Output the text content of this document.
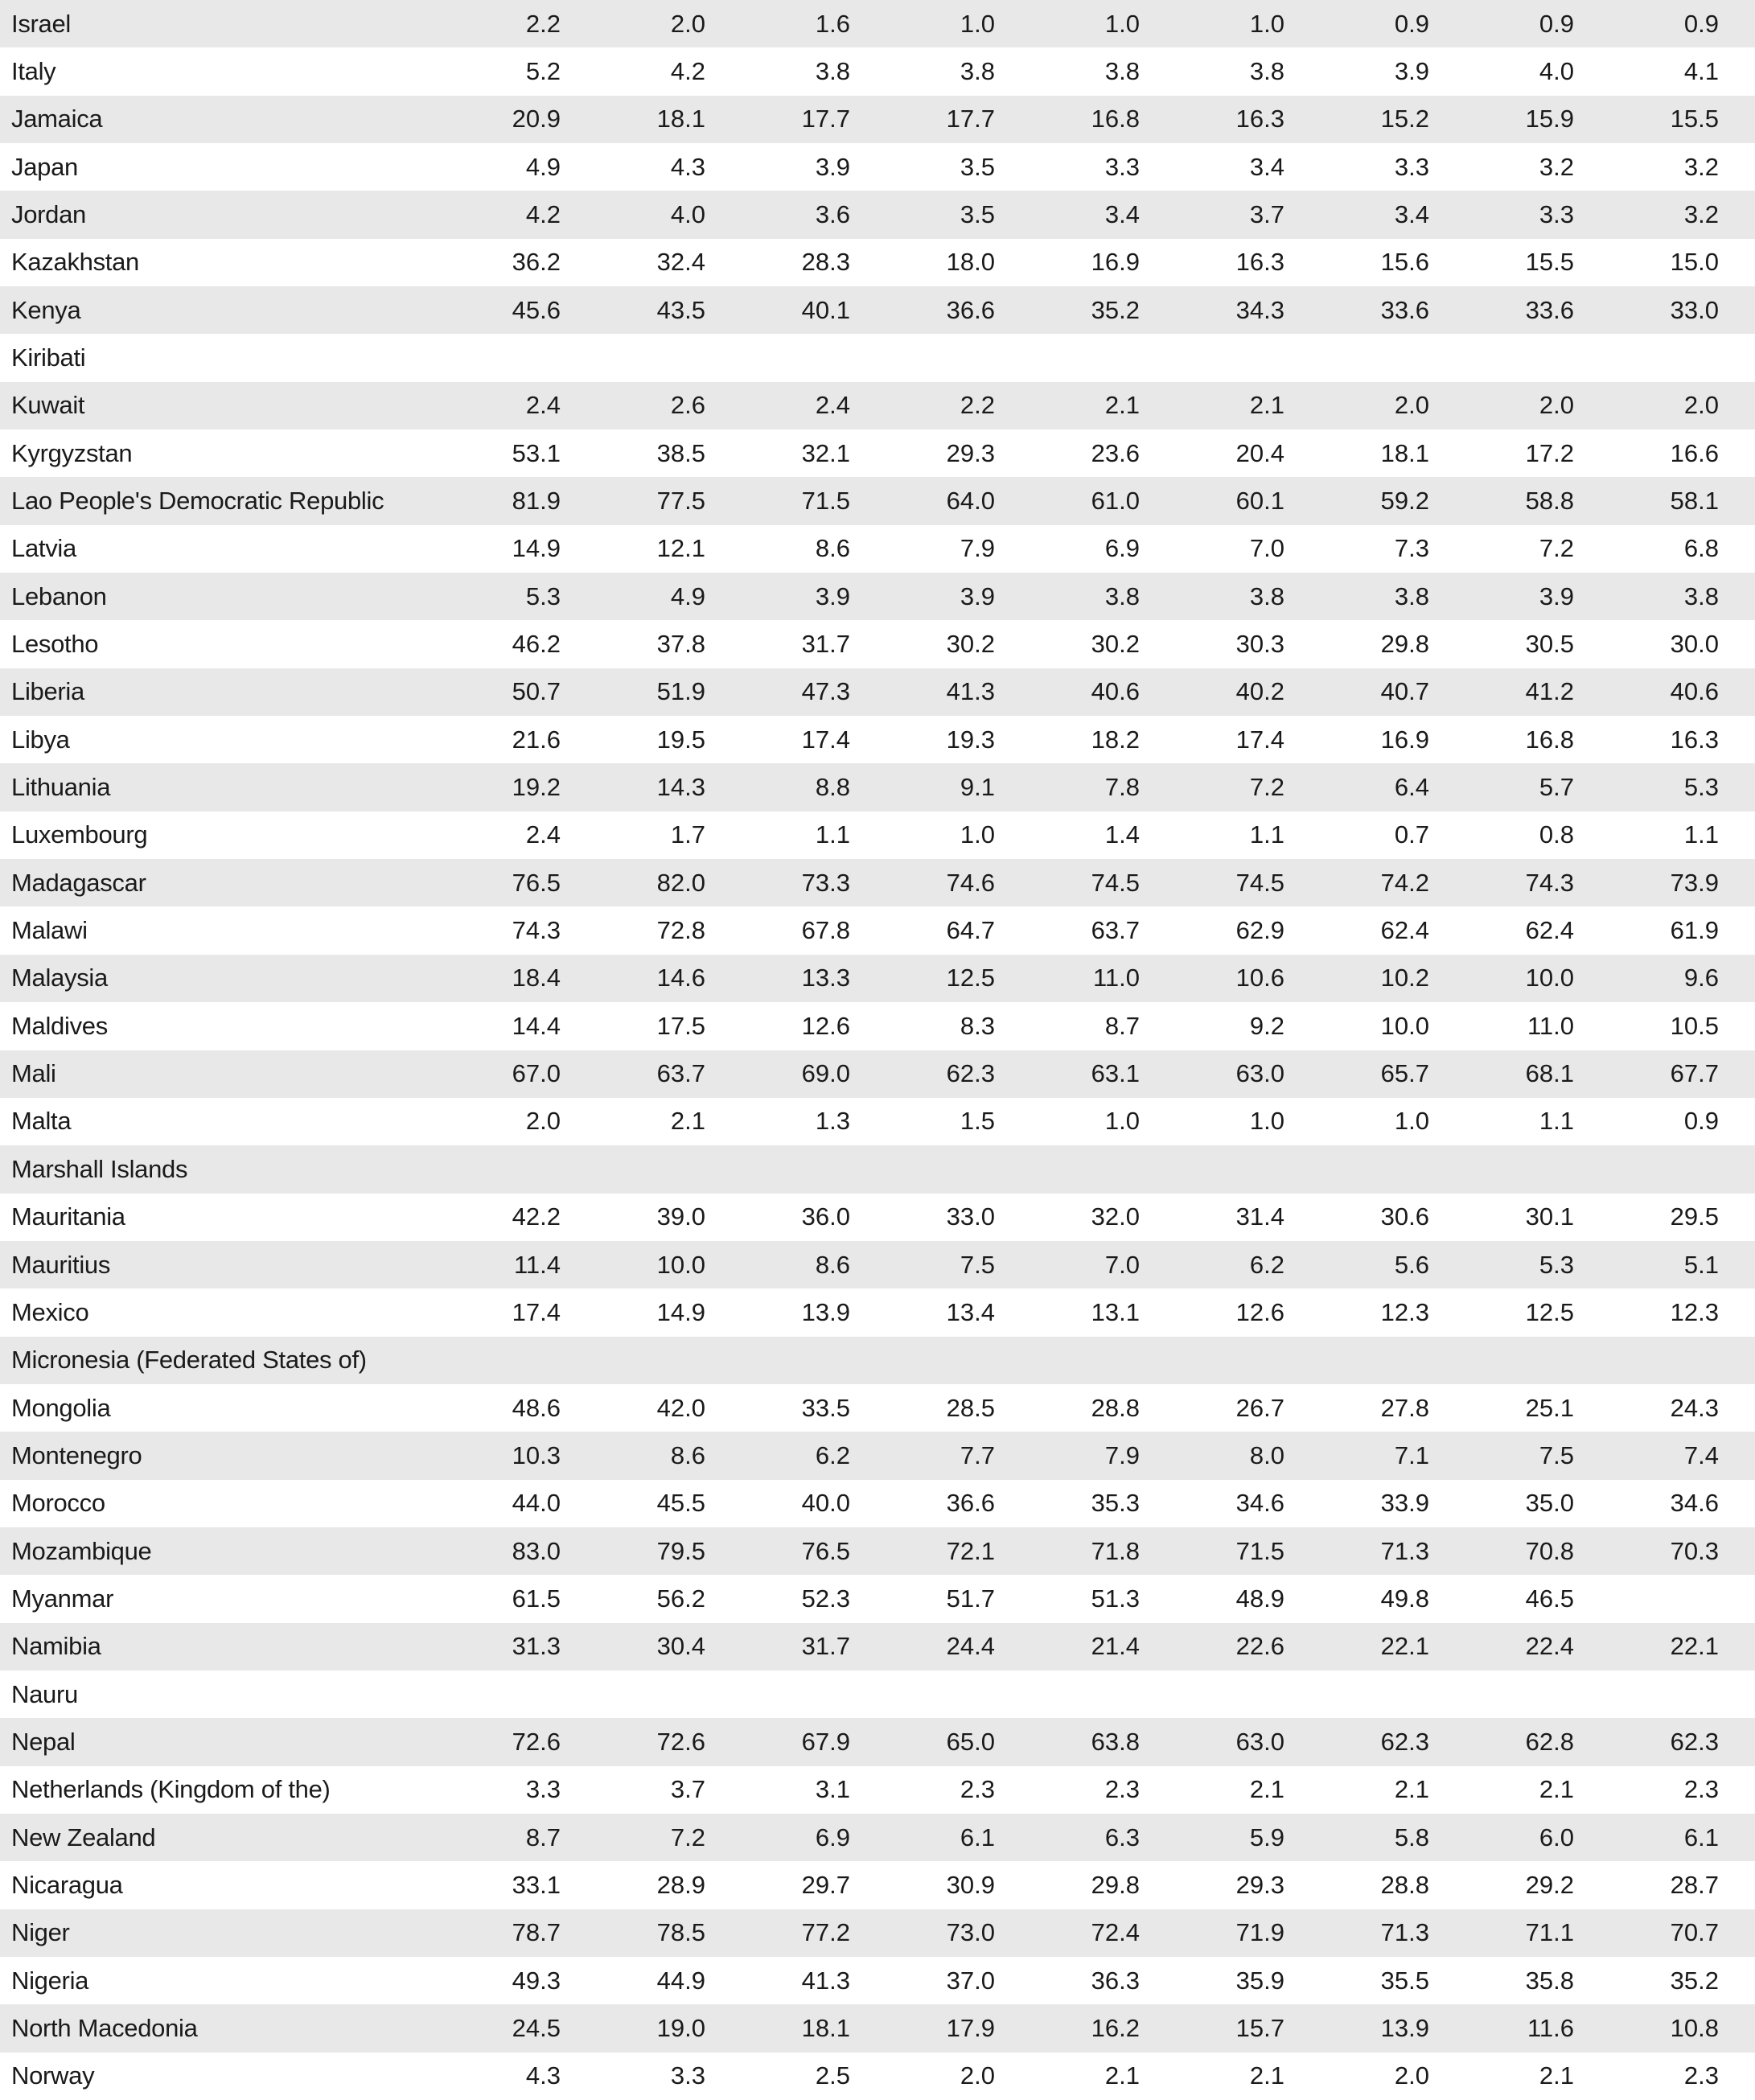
Israel	2.2	2.0	1.6	1.0	1.0	1.0	0.9	0.9	0.9
Italy	5.2	4.2	3.8	3.8	3.8	3.8	3.9	4.0	4.1
Jamaica	20.9	18.1	17.7	17.7	16.8	16.3	15.2	15.9	15.5
Japan	4.9	4.3	3.9	3.5	3.3	3.4	3.3	3.2	3.2
Jordan	4.2	4.0	3.6	3.5	3.4	3.7	3.4	3.3	3.2
Kazakhstan	36.2	32.4	28.3	18.0	16.9	16.3	15.6	15.5	15.0
Kenya	45.6	43.5	40.1	36.6	35.2	34.3	33.6	33.6	33.0
Kiribati
Kuwait	2.4	2.6	2.4	2.2	2.1	2.1	2.0	2.0	2.0
Kyrgyzstan	53.1	38.5	32.1	29.3	23.6	20.4	18.1	17.2	16.6
Lao People's Democratic Republic	81.9	77.5	71.5	64.0	61.0	60.1	59.2	58.8	58.1
Latvia	14.9	12.1	8.6	7.9	6.9	7.0	7.3	7.2	6.8
Lebanon	5.3	4.9	3.9	3.9	3.8	3.8	3.8	3.9	3.8
Lesotho	46.2	37.8	31.7	30.2	30.2	30.3	29.8	30.5	30.0
Liberia	50.7	51.9	47.3	41.3	40.6	40.2	40.7	41.2	40.6
Libya	21.6	19.5	17.4	19.3	18.2	17.4	16.9	16.8	16.3
Lithuania	19.2	14.3	8.8	9.1	7.8	7.2	6.4	5.7	5.3
Luxembourg	2.4	1.7	1.1	1.0	1.4	1.1	0.7	0.8	1.1
Madagascar	76.5	82.0	73.3	74.6	74.5	74.5	74.2	74.3	73.9
Malawi	74.3	72.8	67.8	64.7	63.7	62.9	62.4	62.4	61.9
Malaysia	18.4	14.6	13.3	12.5	11.0	10.6	10.2	10.0	9.6
Maldives	14.4	17.5	12.6	8.3	8.7	9.2	10.0	11.0	10.5
Mali	67.0	63.7	69.0	62.3	63.1	63.0	65.7	68.1	67.7
Malta	2.0	2.1	1.3	1.5	1.0	1.0	1.0	1.1	0.9
Marshall Islands
Mauritania	42.2	39.0	36.0	33.0	32.0	31.4	30.6	30.1	29.5
Mauritius	11.4	10.0	8.6	7.5	7.0	6.2	5.6	5.3	5.1
Mexico	17.4	14.9	13.9	13.4	13.1	12.6	12.3	12.5	12.3
Micronesia (Federated States of)
Mongolia	48.6	42.0	33.5	28.5	28.8	26.7	27.8	25.1	24.3
Montenegro	10.3	8.6	6.2	7.7	7.9	8.0	7.1	7.5	7.4
Morocco	44.0	45.5	40.0	36.6	35.3	34.6	33.9	35.0	34.6
Mozambique	83.0	79.5	76.5	72.1	71.8	71.5	71.3	70.8	70.3
Myanmar	61.5	56.2	52.3	51.7	51.3	48.9	49.8	46.5
Namibia	31.3	30.4	31.7	24.4	21.4	22.6	22.1	22.4	22.1
Nauru
Nepal	72.6	72.6	67.9	65.0	63.8	63.0	62.3	62.8	62.3
Netherlands (Kingdom of the)	3.3	3.7	3.1	2.3	2.3	2.1	2.1	2.1	2.3
New Zealand	8.7	7.2	6.9	6.1	6.3	5.9	5.8	6.0	6.1
Nicaragua	33.1	28.9	29.7	30.9	29.8	29.3	28.8	29.2	28.7
Niger	78.7	78.5	77.2	73.0	72.4	71.9	71.3	71.1	70.7
Nigeria	49.3	44.9	41.3	37.0	36.3	35.9	35.5	35.8	35.2
North Macedonia	24.5	19.0	18.1	17.9	16.2	15.7	13.9	11.6	10.8
Norway	4.3	3.3	2.5	2.0	2.1	2.1	2.0	2.1	2.3
